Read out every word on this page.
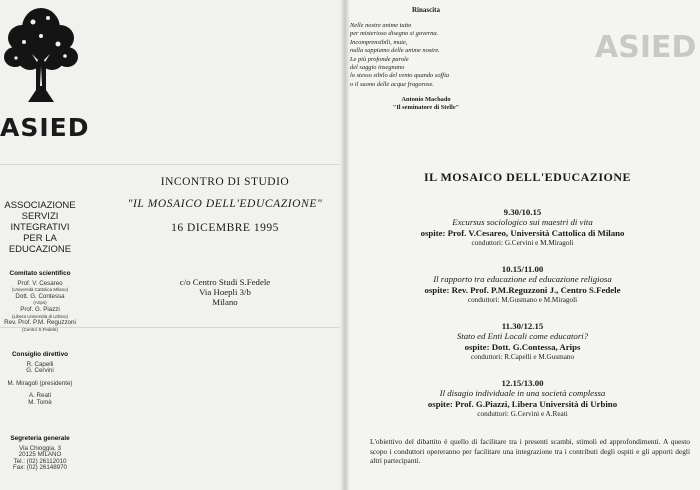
ASIED
ASSOCIAZIONE
SERVIZI
INTEGRATIVI
PER LA
EDUCAZIONE
Comitato scientifico
Prof. V. Cesareo
(Università Cattolica Milano)
Dott. G. Contessa
(Arips)
Prof. G. Piazzi
(Libera Università di Urbino)
Rev. Prof. P.M. Reguzzoni
(Centro S.Fedele)
Consiglio direttivo
R. Capelli
G. Cervini
M. Miragoli (presidente)
A. Reati
M. Tomè
Segreteria generale
Via Chioggia, 3
20125 MILANO
Tel.: (02) 26112010
Fax: (02) 26148970
INCONTRO DI STUDIO
"IL MOSAICO DELL'EDUCAZIONE"
16 DICEMBRE 1995
c/o Centro Studi S.Fedele
Via Hoepli 3/b
Milano
ASIED
Rinascita
Nelle nostre anime tutto
per misterioso disegno si governa.
Incomprensibili, mute,
nulla sappiamo delle anime nostre.
Le più profonde parole
del saggio insegnano
lo stesso sibilo del vento quando soffia
o il suono delle acque fragorose.
Antonio Machado
"Il seminatore di Stelle"
IL MOSAICO DELL'EDUCAZIONE
9.30/10.15
Excursus sociologico sui maestri di vita
ospite: Prof. V.Cesareo, Università Cattolica di Milano
conduttori: G.Cervini e M.Miragoli
10.15/11.00
Il rapporto tra educazione ed educazione religiosa
ospite: Rev. Prof. P.M.Reguzzoni J., Centro S.Fedele
conduttori: M.Gusmano e M.Miragoli
11.30/12.15
Stato ed Enti Locali come educatori?
ospite: Dott. G.Contessa, Arips
conduttori: R.Capelli e M.Gusmano
12.15/13.00
Il disagio individuale in una società complessa
ospite: Prof. G.Piazzi, Libera Università di Urbino
conduttori: G.Cervini e A.Reati
L'obiettivo del dibattito è quello di facilitare tra i presenti scambi, stimoli ed approfondimenti. A questo scopo i conduttori opereranno per facilitare una integrazione tra i contributi degli ospiti e gli apporti degli altri partecipanti.
